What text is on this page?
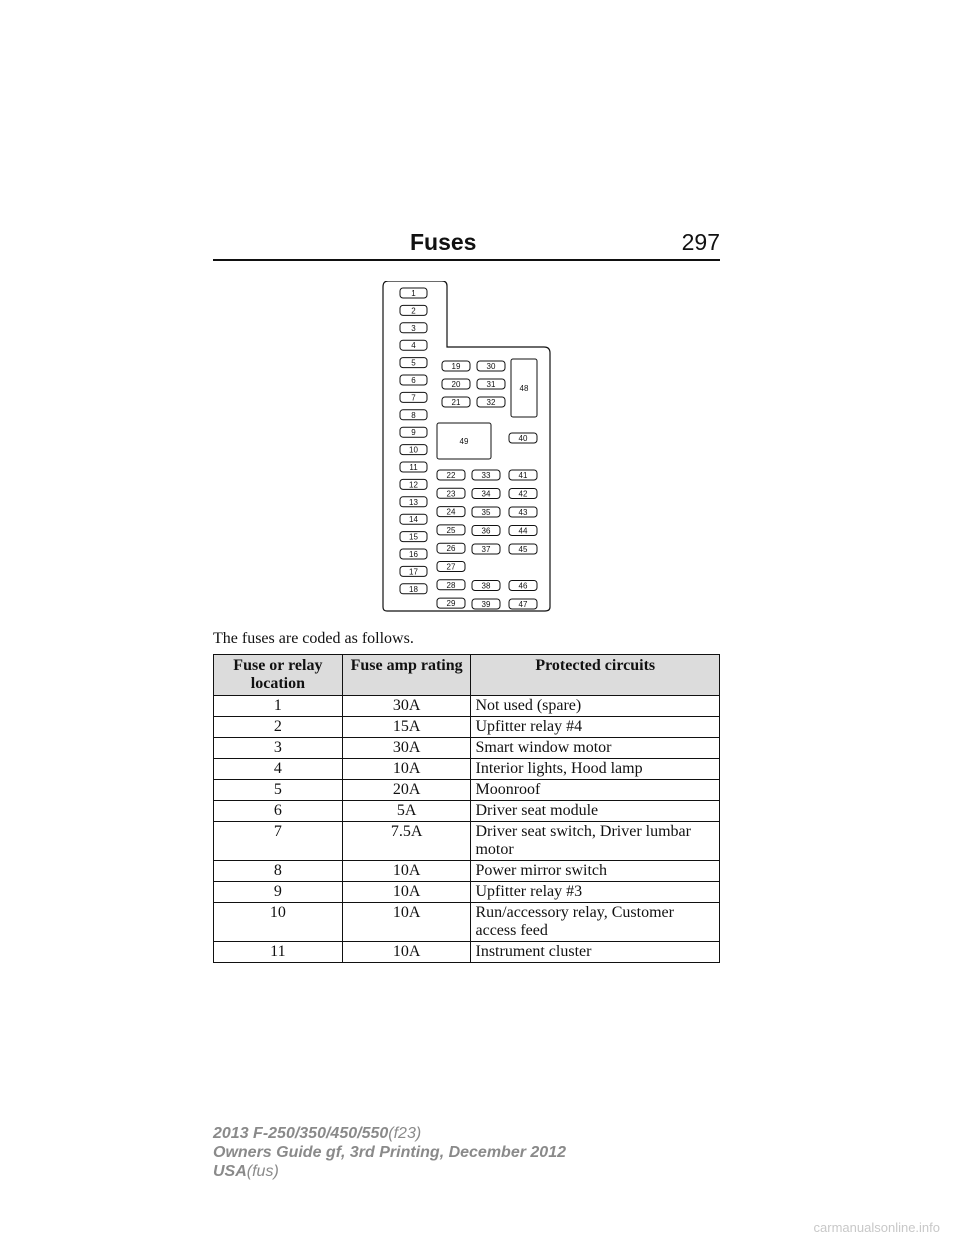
Fuses	297
1
2
3
4
5
6
7
8
9
10
11
12
13
14
15
16
17
18
19
20
21
30
31
32
48
49	40
22
23
24
25
26
27
28
29
33
34
35
36
37
38
39
41
42
43
44
45
46
47
The fuses are coded as follows.
Fuse or relay location	Fuse amp rating	Protected circuits
1	30A	Not used (spare)
2	15A	Upfitter relay #4
3	30A	Smart window motor
4	10A	Interior lights, Hood lamp
5	20A	Moonroof
6	5A	Driver seat module
7	7.5A	Driver seat switch, Driver lumbar motor
8	10A	Power mirror switch
9	10A	Upfitter relay #3
10	10A	Run/accessory relay, Customer access feed
11	10A	Instrument cluster
2013 F-250/350/450/550(f23)
Owners Guide gf, 3rd Printing, December 2012
USA(fus)
carmanualsonline.info
